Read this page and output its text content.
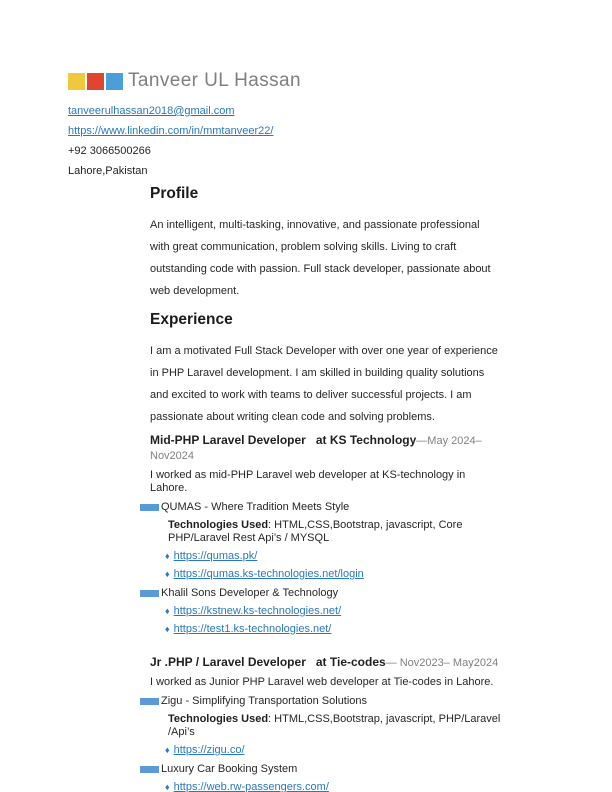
Tanveer UL Hassan
tanveerulhassan2018@gmail.com
https://www.linkedin.com/in/mmtanveer22/
+92 3066500266
Lahore,Pakistan
Profile
An intelligent, multi-tasking, innovative, and passionate professional with great communication, problem solving skills. Living to craft outstanding code with passion. Full stack developer, passionate about web development.
Experience
I am a motivated Full Stack Developer with over one year of experience in PHP Laravel development. I am skilled in building quality solutions and excited to work with teams to deliver successful projects. I am passionate about writing clean code and solving problems.
Mid-PHP Laravel Developer   at KS Technology—May 2024– Nov2024
I worked as mid-PHP Laravel web developer at KS-technology in Lahore.
QUMAS - Where Tradition Meets Style
Technologies Used: HTML,CSS,Bootstrap, javascript, Core PHP/Laravel Rest Api’s / MYSQL
♦ https://qumas.pk/
♦ https://qumas.ks-technologies.net/login
Khalil Sons Developer & Technology
♦ https://kstnew.ks-technologies.net/
♦ https://test1.ks-technologies.net/
Jr .PHP / Laravel Developer   at Tie-codes— Nov2023– May2024
I worked as Junior PHP Laravel web developer at Tie-codes in Lahore.
Zigu - Simplifying Transportation Solutions
Technologies Used: HTML,CSS,Bootstrap, javascript, PHP/Laravel /Api’s
♦ https://zigu.co/
Luxury Car Booking System
♦ https://web.rw-passengers.com/
